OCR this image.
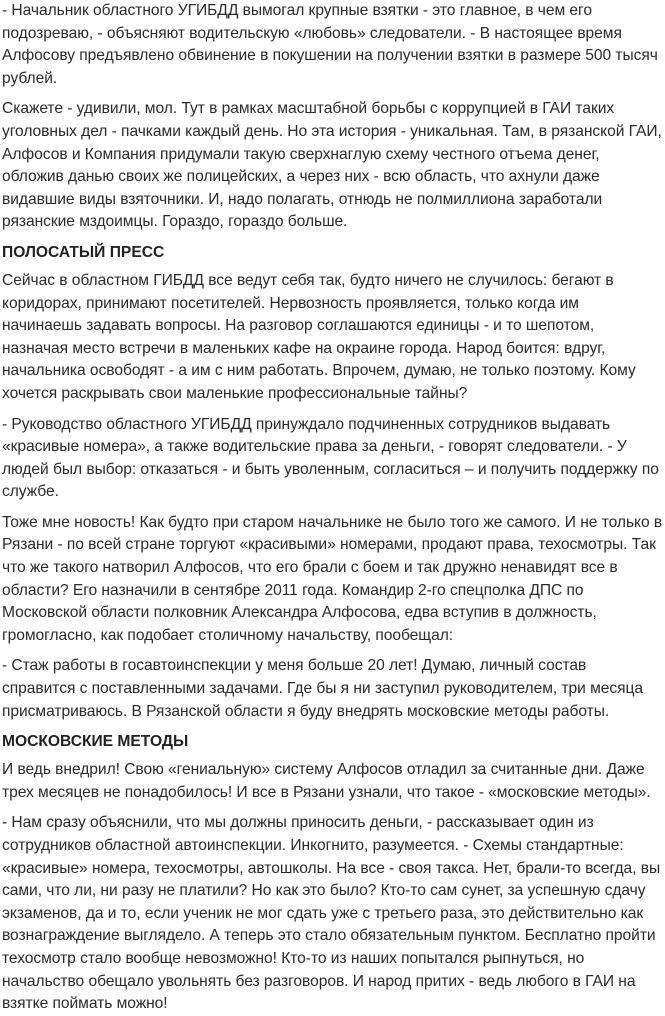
- Начальник областного УГИБДД вымогал крупные взятки - это главное, в чем его подозреваю, - объясняют водительскую «любовь» следователи. - В настоящее время Алфосову предъявлено обвинение в покушении на получении взятки в размере 500 тысяч рублей.

Скажете - удивили, мол. Тут в рамках масштабной борьбы с коррупцией в ГАИ таких уголовных дел - пачками каждый день. Но эта история - уникальная. Там, в рязанской ГАИ, Алфосов и Компания придумали такую сверхнаглую схему честного отъема денег, обложив данью своих же полицейских, а через них - всю область, что ахнули даже видавшие виды взяточники. И, надо полагать, отнюдь не полмиллиона заработали рязанские мздоимцы. Гораздо, гораздо больше.

ПОЛОСАТЫЙ ПРЕСС

Сейчас в областном ГИБДД все ведут себя так, будто ничего не случилось: бегают в коридорах, принимают посетителей. Нервозность проявляется, только когда им начинаешь задавать вопросы. На разговор соглашаются единицы - и то шепотом, назначая место встречи в маленьких кафе на окраине города. Народ боится: вдруг, начальника освободят - а им с ним работать. Впрочем, думаю, не только поэтому. Кому хочется раскрывать свои маленькие профессиональные тайны?

- Руководство областного УГИБДД принуждало подчиненных сотрудников выдавать «красивые номера», а также водительские права за деньги, - говорят следователи. - У людей был выбор: отказаться - и быть уволенным, согласиться – и получить поддержку по службе.

Тоже мне новость! Как будто при старом начальнике не было того же самого. И не только в Рязани - по всей стране торгуют «красивыми» номерами, продают права, техосмотры. Так что же такого натворил Алфосов, что его брали с боем и так дружно ненавидят все в области? Его назначили в сентябре 2011 года. Командир 2-го спецполка ДПС по Московской области полковник Александра Алфосова, едва вступив в должность, громогласно, как подобает столичному начальству, пообещал:

- Стаж работы в госавтоинспекции у меня больше 20 лет! Думаю, личный состав справится с поставленными задачами. Где бы я ни заступил руководителем, три месяца присматриваюсь. В Рязанской области я буду внедрять московские методы работы.

МОСКОВСКИЕ МЕТОДЫ

И ведь внедрил! Свою «гениальную» систему Алфосов отладил за считанные дни. Даже трех месяцев не понадобилось! И все в Рязани узнали, что такое - «московские методы».

- Нам сразу объяснили, что мы должны приносить деньги, - рассказывает один из сотрудников областной автоинспекции. Инкогнито, разумеется. - Схемы стандартные: «красивые» номера, техосмотры, автошколы. На все - своя такса. Нет, брали-то всегда, вы сами, что ли, ни разу не платили? Но как это было? Кто-то сам сунет, за успешную сдачу экзаменов, да и то, если ученик не мог сдать уже с третьего раза, это действительно как вознаграждение выглядело. А теперь это стало обязательным пунктом. Бесплатно пройти техосмотр стало вообще невозможно! Кто-то из наших попытался рыпнуться, но начальство обещало увольнять без разговоров. И народ притих - ведь любого в ГАИ на взятке поймать можно!
